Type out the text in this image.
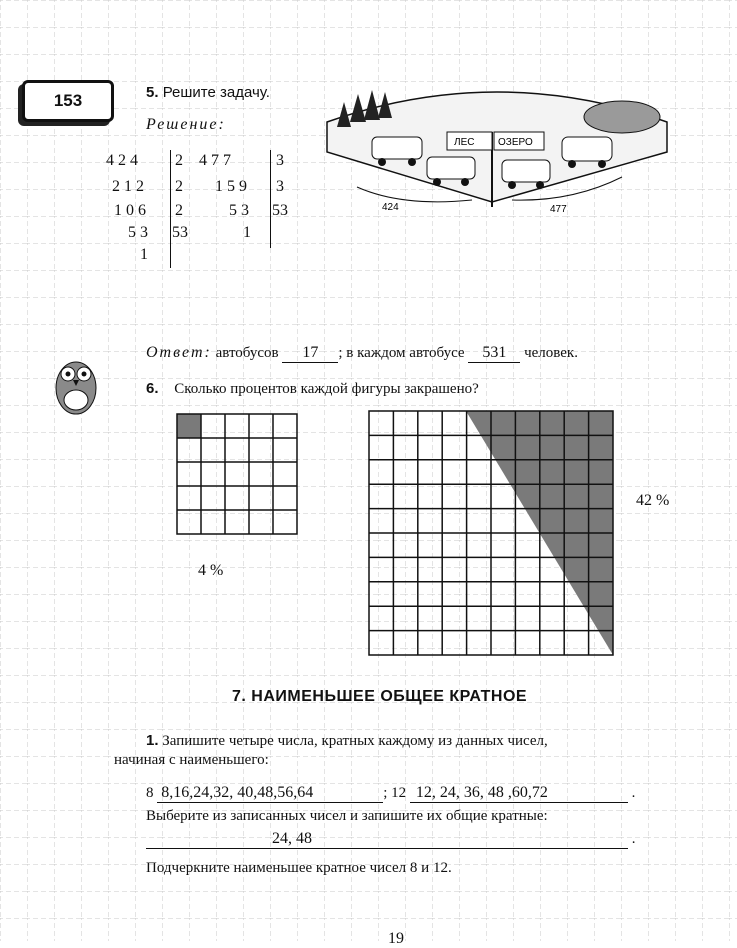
153	5. Решите задачу.
Решение:
4 2 4
2 1 2
1 0 6
5 3
1
2
2
2
53
4 7 7
1 5 9
5 3
1
3
3
53
ЛЕС ОЗЕРО
424	477
Ответ: автобусов 17 ; в каждом автобусе 531 человек.
6. Сколько процентов каждой фигуры закрашено?
4 %
42 %
7. НАИМЕНЬШЕЕ ОБЩЕЕ КРАТНОЕ
1. Запишите четыре числа, кратных каждому из данных чисел,
начиная с наименьшего:
8 8,16,24,32, 40,48,56,64	; 12 12, 24, 36, 48 ,60,72	.
Выберите из записанных чисел и запишите их общие кратные:
24, 48	.
Подчеркните наименьшее кратное чисел 8 и 12.
19
